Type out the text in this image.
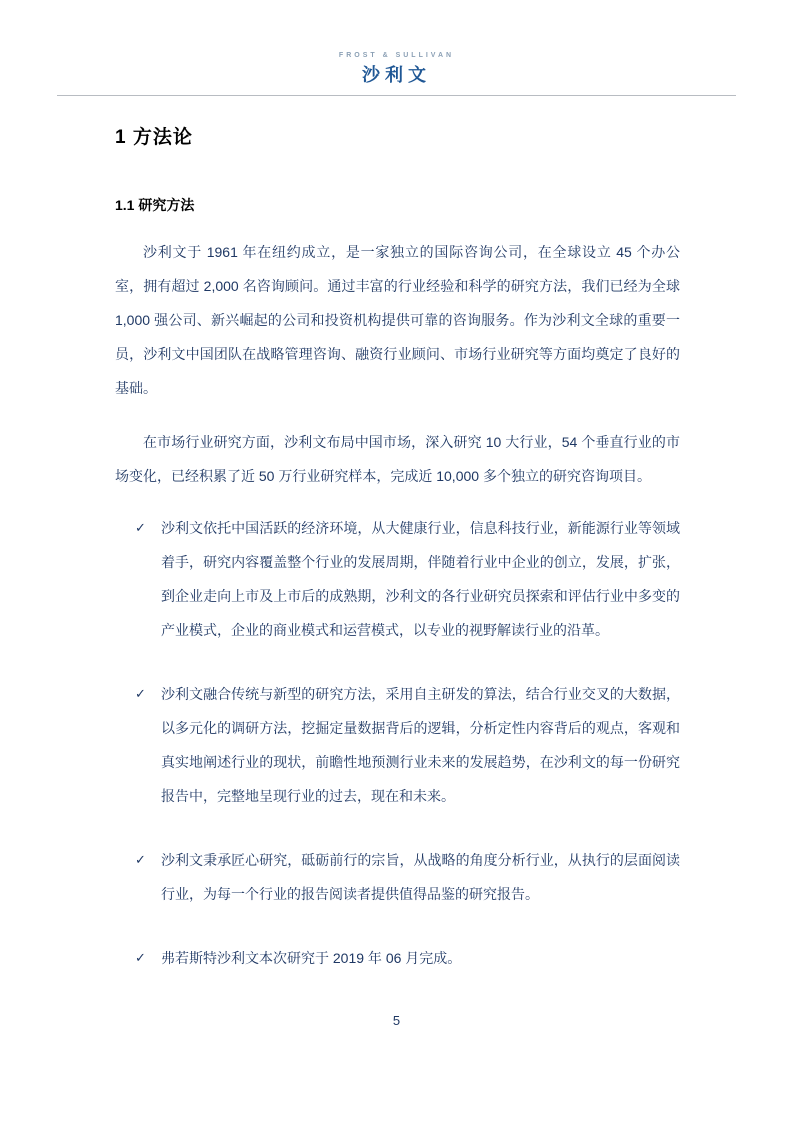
FROST & SULLIVAN
沙利文
1 方法论
1.1 研究方法

沙利文于 1961 年在纽约成立，是一家独立的国际咨询公司，在全球设立 45 个办公室，拥有超过 2,000 名咨询顾问。通过丰富的行业经验和科学的研究方法，我们已经为全球 1,000 强公司、新兴崛起的公司和投资机构提供可靠的咨询服务。作为沙利文全球的重要一员，沙利文中国团队在战略管理咨询、融资行业顾问、市场行业研究等方面均奠定了良好的基础。

在市场行业研究方面，沙利文布局中国市场，深入研究 10 大行业，54 个垂直行业的市场变化，已经积累了近 50 万行业研究样本，完成近 10,000 多个独立的研究咨询项目。

✓	沙利文依托中国活跃的经济环境，从大健康行业，信息科技行业，新能源行业等领域着手，研究内容覆盖整个行业的发展周期，伴随着行业中企业的创立，发展，扩张，到企业走向上市及上市后的成熟期，沙利文的各行业研究员探索和评估行业中多变的产业模式，企业的商业模式和运营模式，以专业的视野解读行业的沿革。
✓	沙利文融合传统与新型的研究方法，采用自主研发的算法，结合行业交叉的大数据，以多元化的调研方法，挖掘定量数据背后的逻辑，分析定性内容背后的观点，客观和真实地阐述行业的现状，前瞻性地预测行业未来的发展趋势，在沙利文的每一份研究报告中，完整地呈现行业的过去，现在和未来。
✓	沙利文秉承匠心研究，砥砺前行的宗旨，从战略的角度分析行业，从执行的层面阅读行业，为每一个行业的报告阅读者提供值得品鉴的研究报告。
✓	弗若斯特沙利文本次研究于 2019 年 06 月完成。
5
